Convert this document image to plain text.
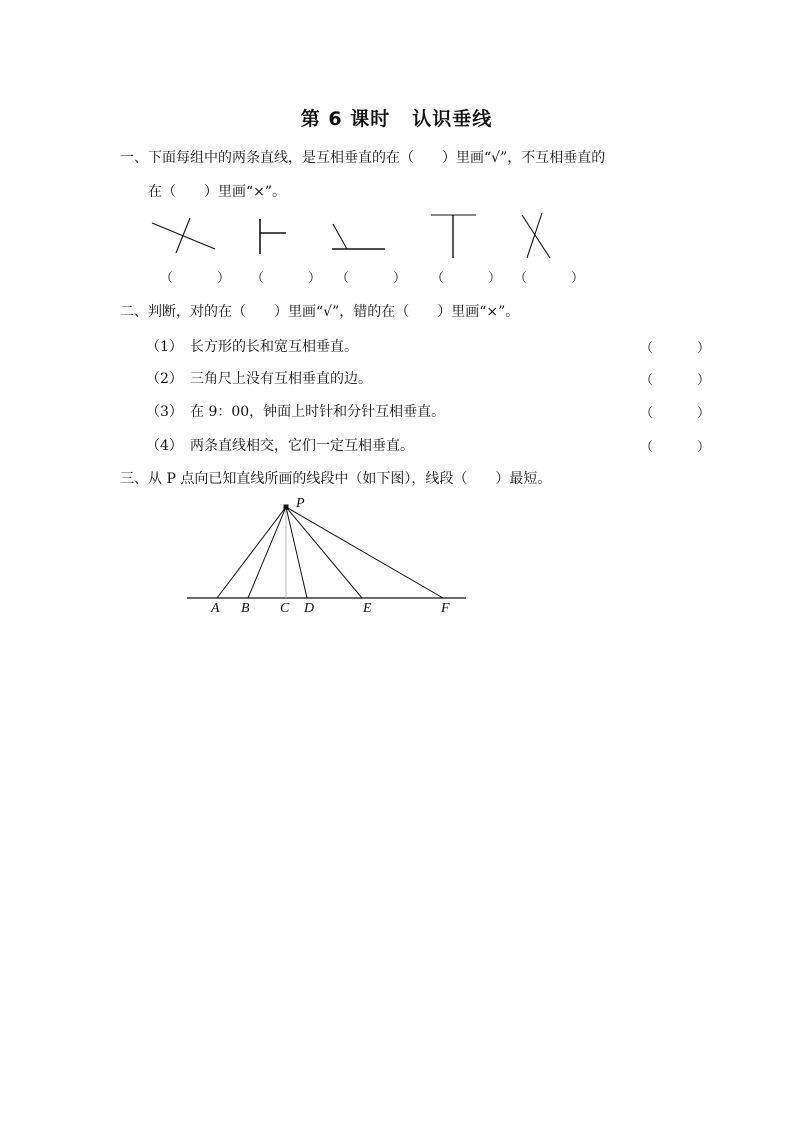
第 6 课时 认识垂线
一、下面每组中的两条直线，是互相垂直的在（　　）里画“√”，不互相垂直的
在（　　）里画“×”。
（　　） （　　） （　　） （　　） （　　）
二、判断，对的在（　　）里画“√”，错的在（　　）里画“×”。
（1） 长方形的长和宽互相垂直。	（　　）
（2） 三角尺上没有互相垂直的边。	（　　）
（3） 在 9：00，钟面上时针和分针互相垂直。	（　　）
（4） 两条直线相交，它们一定互相垂直。	（　　）
三、从 P 点向已知直线所画的线段中（如下图），线段（　　）最短。
P
A B C D	E	F
